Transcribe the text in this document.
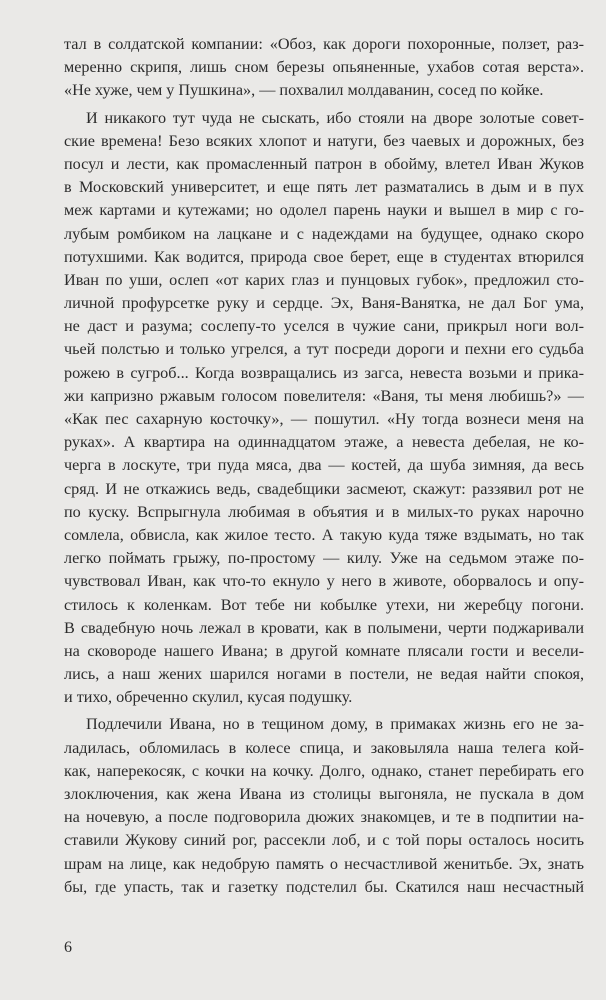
тал в солдатской компании: «Обоз, как дороги похоронные, ползет, раз-
меренно скрипя, лишь сном березы опьяненные, ухабов сотая верста».
«Не хуже, чем у Пушкина», — похвалил молдаванин, сосед по койке.
И никакого тут чуда не сыскать, ибо стояли на дворе золотые совет-
ские времена! Безо всяких хлопот и натуги, без чаевых и дорожных, без
посул и лести, как промасленный патрон в обойму, влетел Иван Жуков
в Московский университет, и еще пять лет разматались в дым и в пух
меж картами и кутежами; но одолел парень науки и вышел в мир с го-
лубым ромбиком на лацкане и с надеждами на будущее, однако скоро
потухшими. Как водится, природа свое берет, еще в студентах втюрился
Иван по уши, ослеп «от карих глаз и пунцовых губок», предложил сто-
личной профурсетке руку и сердце. Эх, Ваня-Ванятка, не дал Бог ума,
не даст и разума; сослепу-то уселся в чужие сани, прикрыл ноги вол-
чьей полстью и только угрелся, а тут посреди дороги и пехни его судьба
рожею в сугроб... Когда возвращались из загса, невеста возьми и прика-
жи капризно ржавым голосом повелителя: «Ваня, ты меня любишь?» —
«Как пес сахарную косточку», — пошутил. «Ну тогда вознеси меня на
руках». А квартира на одиннадцатом этаже, а невеста дебелая, не ко-
черга в лоскуте, три пуда мяса, два — костей, да шуба зимняя, да весь
сряд. И не откажись ведь, свадебщики засмеют, скажут: раззявил рот не
по куску. Вспрыгнула любимая в объятия и в милых-то руках нарочно
сомлела, обвисла, как жилое тесто. А такую куда тяже вздымать, но так
легко поймать грыжу, по-простому — килу. Уже на седьмом этаже по-
чувствовал Иван, как что-то екнуло у него в животе, оборвалось и опу-
стилось к коленкам. Вот тебе ни кобылке утехи, ни жеребцу погони.
В свадебную ночь лежал в кровати, как в полымени, черти поджаривали
на сковороде нашего Ивана; в другой комнате плясали гости и весели-
лись, а наш жених шарился ногами в постели, не ведая найти спокоя,
и тихо, обреченно скулил, кусая подушку.
Подлечили Ивана, но в тещином дому, в примаках жизнь его не за-
ладилась, обломилась в колесе спица, и заковыляла наша телега кой-
как, наперекосяк, с кочки на кочку. Долго, однако, станет перебирать его
злоключения, как жена Ивана из столицы выгоняла, не пускала в дом
на ночевую, а после подговорила дюжих знакомцев, и те в подпитии на-
ставили Жукову синий рог, рассекли лоб, и с той поры осталось носить
шрам на лице, как недобрую память о несчастливой женитьбе. Эх, знать
бы, где упасть, так и газетку подстелил бы. Скатился наш несчастный
6
